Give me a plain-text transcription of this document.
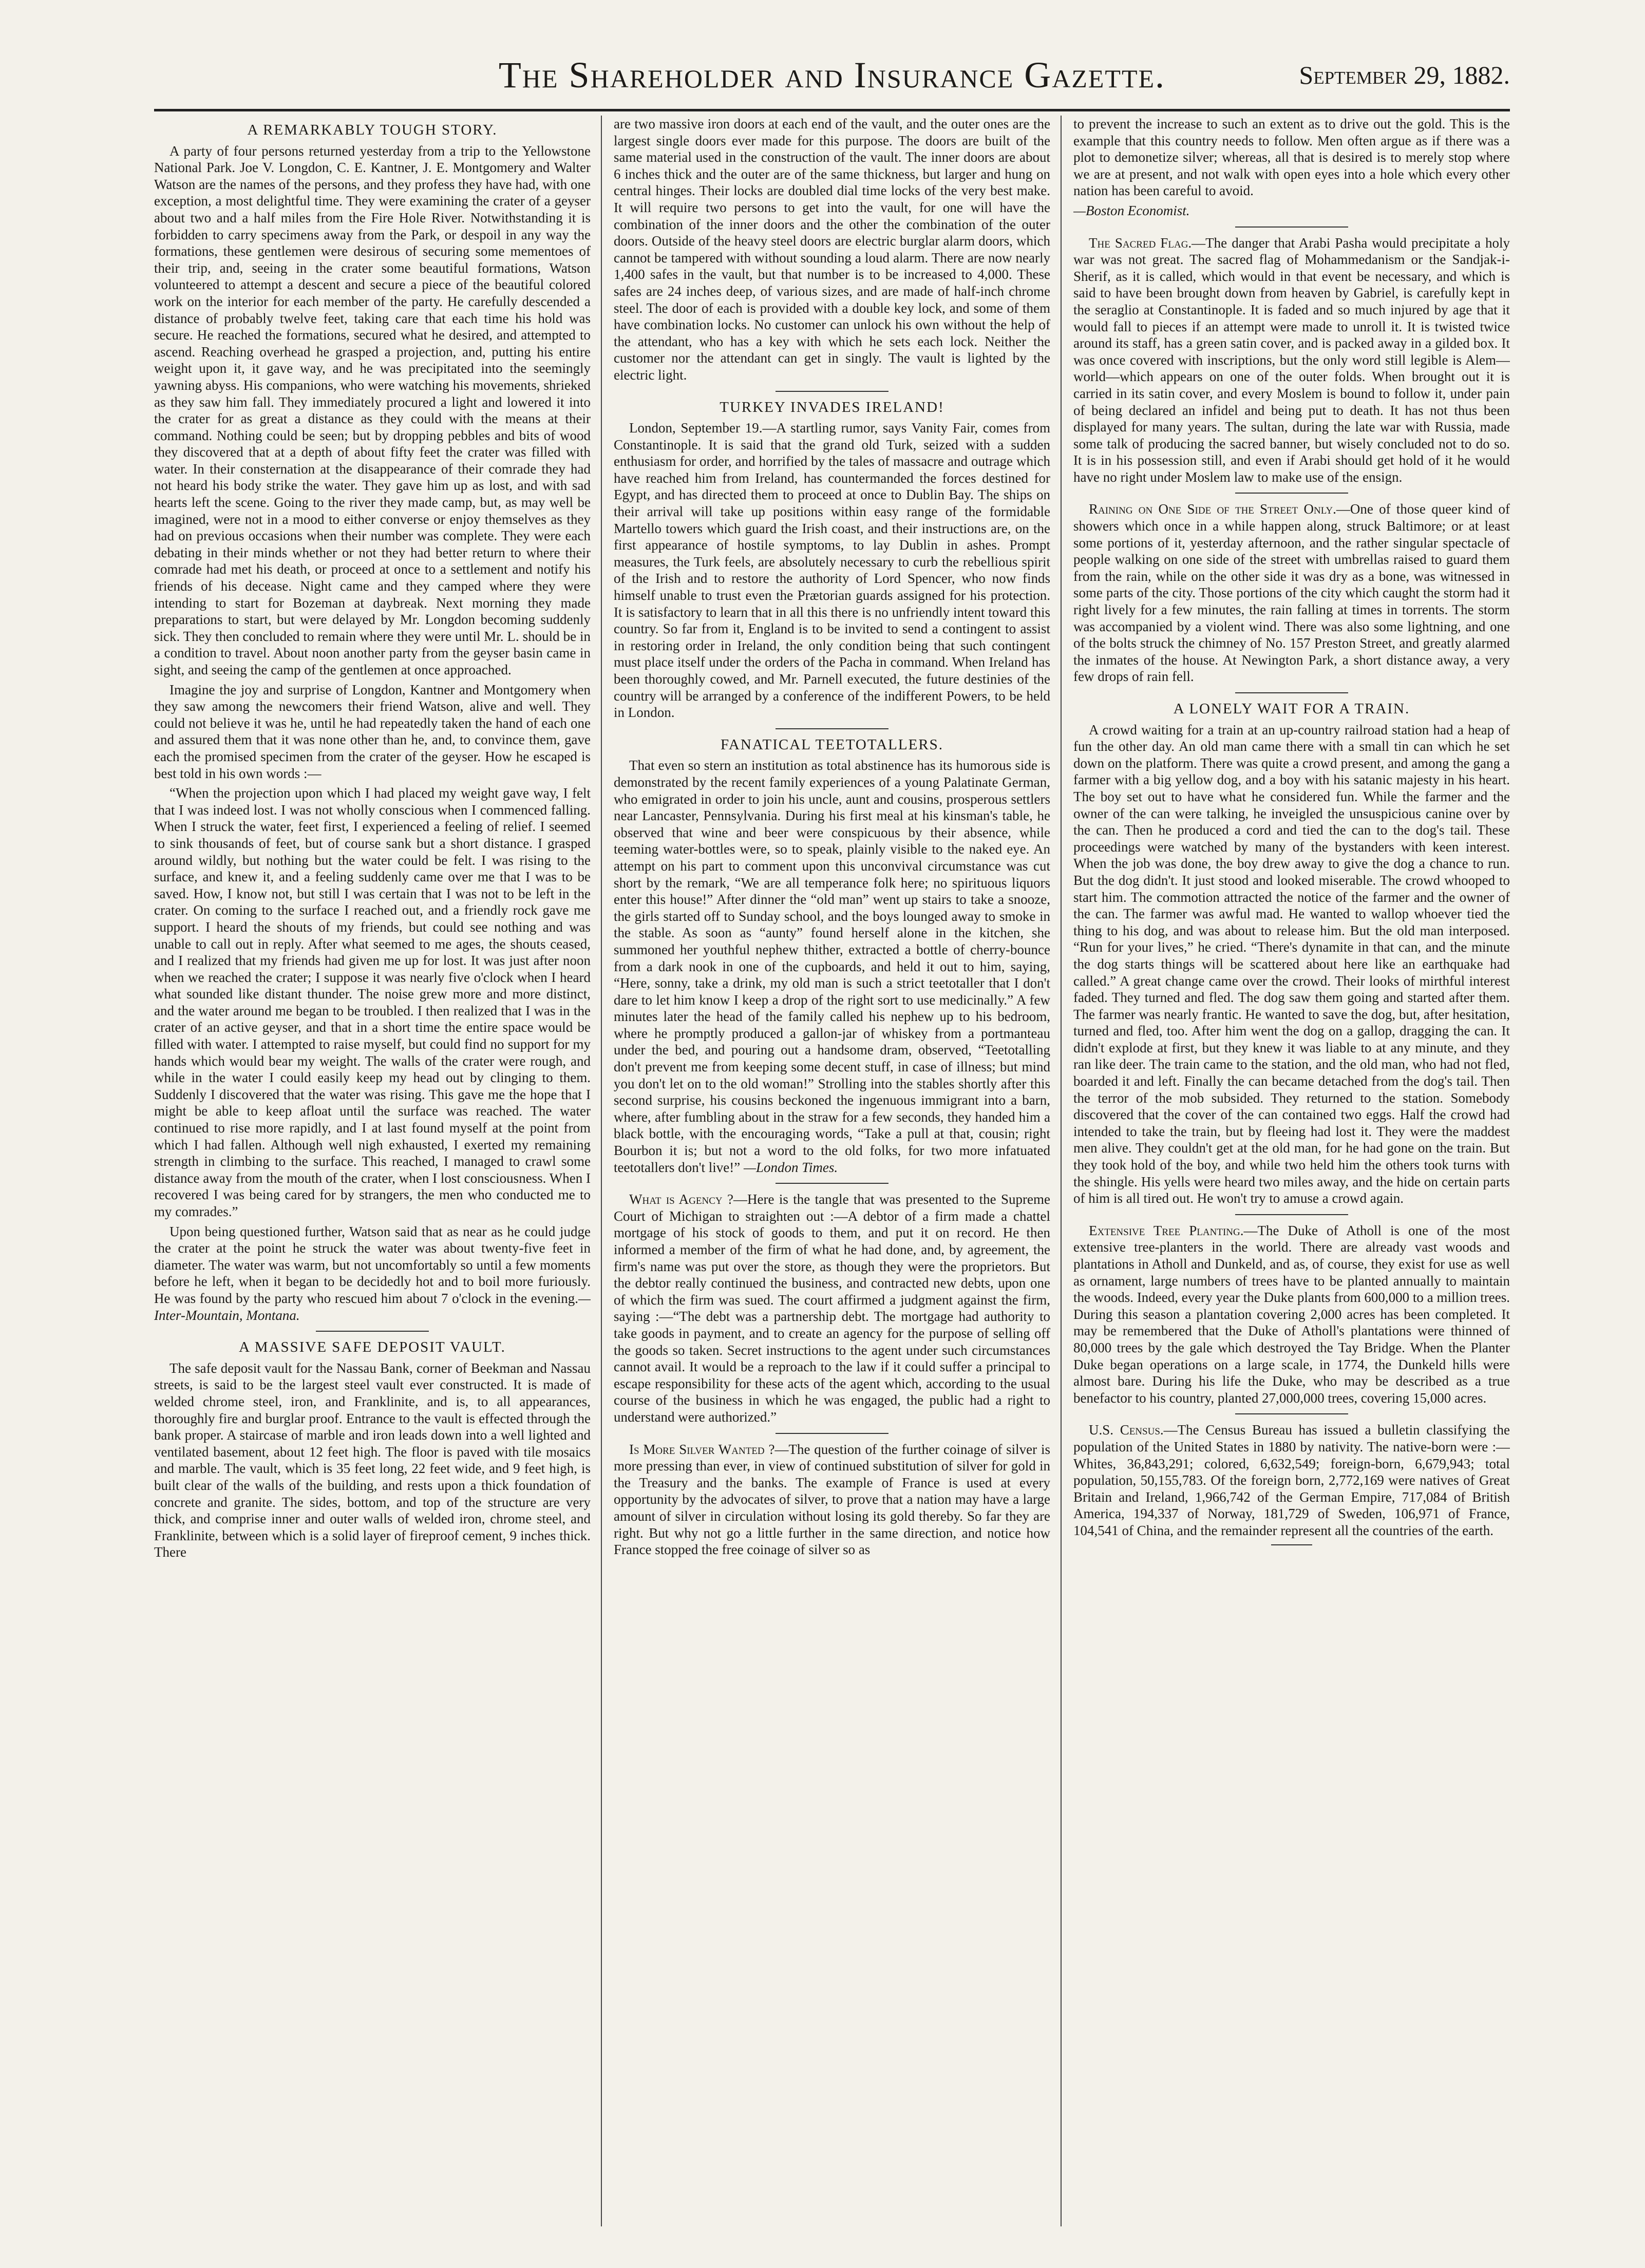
The Shareholder and Insurance Gazette.	September 29, 1882.
A REMARKABLY TOUGH STORY.

A party of four persons returned yesterday from a trip to the Yellowstone National Park. Joe V. Longdon, C. E. Kantner, J. E. Montgomery and Walter Watson are the names of the persons, and they profess they have had, with one exception, a most delightful time. They were examining the crater of a geyser about two and a half miles from the Fire Hole River. Notwithstanding it is forbidden to carry specimens away from the Park, or despoil in any way the formations, these gentlemen were desirous of securing some mementoes of their trip, and, seeing in the crater some beautiful formations, Watson volunteered to attempt a descent and secure a piece of the beautiful colored work on the interior for each member of the party. He carefully descended a distance of probably twelve feet, taking care that each time his hold was secure. He reached the formations, secured what he desired, and attempted to ascend. Reaching overhead he grasped a projection, and, putting his entire weight upon it, it gave way, and he was precipitated into the seemingly yawning abyss. His companions, who were watching his movements, shrieked as they saw him fall. They immediately procured a light and lowered it into the crater for as great a distance as they could with the means at their command. Nothing could be seen; but by dropping pebbles and bits of wood they discovered that at a depth of about fifty feet the crater was filled with water. In their consternation at the disappearance of their comrade they had not heard his body strike the water. They gave him up as lost, and with sad hearts left the scene. Going to the river they made camp, but, as may well be imagined, were not in a mood to either converse or enjoy themselves as they had on previous occasions when their number was complete. They were each debating in their minds whether or not they had better return to where their comrade had met his death, or proceed at once to a settlement and notify his friends of his decease. Night came and they camped where they were intending to start for Bozeman at daybreak. Next morning they made preparations to start, but were delayed by Mr. Longdon becoming suddenly sick. They then concluded to remain where they were until Mr. L. should be in a condition to travel. About noon another party from the geyser basin came in sight, and seeing the camp of the gentlemen at once approached.

Imagine the joy and surprise of Longdon, Kantner and Montgomery when they saw among the newcomers their friend Watson, alive and well. They could not believe it was he, until he had repeatedly taken the hand of each one and assured them that it was none other than he, and, to convince them, gave each the promised specimen from the crater of the geyser. How he escaped is best told in his own words :—

“When the projection upon which I had placed my weight gave way, I felt that I was indeed lost. I was not wholly conscious when I commenced falling. When I struck the water, feet first, I experienced a feeling of relief. I seemed to sink thousands of feet, but of course sank but a short distance. I grasped around wildly, but nothing but the water could be felt. I was rising to the surface, and knew it, and a feeling suddenly came over me that I was to be saved. How, I know not, but still I was certain that I was not to be left in the crater. On coming to the surface I reached out, and a friendly rock gave me support. I heard the shouts of my friends, but could see nothing and was unable to call out in reply. After what seemed to me ages, the shouts ceased, and I realized that my friends had given me up for lost. It was just after noon when we reached the crater; I suppose it was nearly five o'clock when I heard what sounded like distant thunder. The noise grew more and more distinct, and the water around me began to be troubled. I then realized that I was in the crater of an active geyser, and that in a short time the entire space would be filled with water. I attempted to raise myself, but could find no support for my hands which would bear my weight. The walls of the crater were rough, and while in the water I could easily keep my head out by clinging to them. Suddenly I discovered that the water was rising. This gave me the hope that I might be able to keep afloat until the surface was reached. The water continued to rise more rapidly, and I at last found myself at the point from which I had fallen. Although well nigh exhausted, I exerted my remaining strength in climbing to the surface. This reached, I managed to crawl some distance away from the mouth of the crater, when I lost consciousness. When I recovered I was being cared for by strangers, the men who conducted me to my comrades.”

Upon being questioned further, Watson said that as near as he could judge the crater at the point he struck the water was about twenty-five feet in diameter. The water was warm, but not uncomfortably so until a few moments before he left, when it began to be decidedly hot and to boil more furiously. He was found by the party who rescued him about 7 o'clock in the evening.—Inter-Mountain, Montana.

A MASSIVE SAFE DEPOSIT VAULT.

The safe deposit vault for the Nassau Bank, corner of Beekman and Nassau streets, is said to be the largest steel vault ever constructed. It is made of welded chrome steel, iron, and Franklinite, and is, to all appearances, thoroughly fire and burglar proof. Entrance to the vault is effected through the bank proper. A staircase of marble and iron leads down into a well lighted and ventilated basement, about 12 feet high. The floor is paved with tile mosaics and marble. The vault, which is 35 feet long, 22 feet wide, and 9 feet high, is built clear of the walls of the building, and rests upon a thick foundation of concrete and granite. The sides, bottom, and top of the structure are very thick, and comprise inner and outer walls of welded iron, chrome steel, and Franklinite, between which is a solid layer of fireproof cement, 9 inches thick. There

are two massive iron doors at each end of the vault, and the outer ones are the largest single doors ever made for this purpose. The doors are built of the same material used in the construction of the vault. The inner doors are about 6 inches thick and the outer are of the same thickness, but larger and hung on central hinges. Their locks are doubled dial time locks of the very best make. It will require two persons to get into the vault, for one will have the combination of the inner doors and the other the combination of the outer doors. Outside of the heavy steel doors are electric burglar alarm doors, which cannot be tampered with without sounding a loud alarm. There are now nearly 1,400 safes in the vault, but that number is to be increased to 4,000. These safes are 24 inches deep, of various sizes, and are made of half-inch chrome steel. The door of each is provided with a double key lock, and some of them have combination locks. No customer can unlock his own without the help of the attendant, who has a key with which he sets each lock. Neither the customer nor the attendant can get in singly. The vault is lighted by the electric light.

TURKEY INVADES IRELAND!

London, September 19.—A startling rumor, says Vanity Fair, comes from Constantinople. It is said that the grand old Turk, seized with a sudden enthusiasm for order, and horrified by the tales of massacre and outrage which have reached him from Ireland, has countermanded the forces destined for Egypt, and has directed them to proceed at once to Dublin Bay. The ships on their arrival will take up positions within easy range of the formidable Martello towers which guard the Irish coast, and their instructions are, on the first appearance of hostile symptoms, to lay Dublin in ashes. Prompt measures, the Turk feels, are absolutely necessary to curb the rebellious spirit of the Irish and to restore the authority of Lord Spencer, who now finds himself unable to trust even the Prætorian guards assigned for his protection. It is satisfactory to learn that in all this there is no unfriendly intent toward this country. So far from it, England is to be invited to send a contingent to assist in restoring order in Ireland, the only condition being that such contingent must place itself under the orders of the Pacha in command. When Ireland has been thoroughly cowed, and Mr. Parnell executed, the future destinies of the country will be arranged by a conference of the indifferent Powers, to be held in London.

FANATICAL TEETOTALLERS.

That even so stern an institution as total abstinence has its humorous side is demonstrated by the recent family experiences of a young Palatinate German, who emigrated in order to join his uncle, aunt and cousins, prosperous settlers near Lancaster, Pennsylvania. During his first meal at his kinsman's table, he observed that wine and beer were conspicuous by their absence, while teeming water-bottles were, so to speak, plainly visible to the naked eye. An attempt on his part to comment upon this unconvival circumstance was cut short by the remark, “We are all temperance folk here; no spirituous liquors enter this house!” After dinner the “old man” went up stairs to take a snooze, the girls started off to Sunday school, and the boys lounged away to smoke in the stable. As soon as “aunty” found herself alone in the kitchen, she summoned her youthful nephew thither, extracted a bottle of cherry-bounce from a dark nook in one of the cupboards, and held it out to him, saying, “Here, sonny, take a drink, my old man is such a strict teetotaller that I don't dare to let him know I keep a drop of the right sort to use medicinally.” A few minutes later the head of the family called his nephew up to his bedroom, where he promptly produced a gallon-jar of whiskey from a portmanteau under the bed, and pouring out a handsome dram, observed, “Teetotalling don't prevent me from keeping some decent stuff, in case of illness; but mind you don't let on to the old woman!” Strolling into the stables shortly after this second surprise, his cousins beckoned the ingenuous immigrant into a barn, where, after fumbling about in the straw for a few seconds, they handed him a black bottle, with the encouraging words, “Take a pull at that, cousin; right Bourbon it is; but not a word to the old folks, for two more infatuated teetotallers don't live!” —London Times.

What is Agency ?—Here is the tangle that was presented to the Supreme Court of Michigan to straighten out :—A debtor of a firm made a chattel mortgage of his stock of goods to them, and put it on record. He then informed a member of the firm of what he had done, and, by agreement, the firm's name was put over the store, as though they were the proprietors. But the debtor really continued the business, and contracted new debts, upon one of which the firm was sued. The court affirmed a judgment against the firm, saying :—“The debt was a partnership debt. The mortgage had authority to take goods in payment, and to create an agency for the purpose of selling off the goods so taken. Secret instructions to the agent under such circumstances cannot avail. It would be a reproach to the law if it could suffer a principal to escape responsibility for these acts of the agent which, according to the usual course of the business in which he was engaged, the public had a right to understand were authorized.”

Is More Silver Wanted ?—The question of the further coinage of silver is more pressing than ever, in view of continued substitution of silver for gold in the Treasury and the banks. The example of France is used at every opportunity by the advocates of silver, to prove that a nation may have a large amount of silver in circulation without losing its gold thereby. So far they are right. But why not go a little further in the same direction, and notice how France stopped the free coinage of silver so as

to prevent the increase to such an extent as to drive out the gold. This is the example that this country needs to follow. Men often argue as if there was a plot to demonetize silver; whereas, all that is desired is to merely stop where we are at present, and not walk with open eyes into a hole which every other nation has been careful to avoid.

—Boston Economist.

The Sacred Flag.—The danger that Arabi Pasha would precipitate a holy war was not great. The sacred flag of Mohammedanism or the Sandjak-i-Sherif, as it is called, which would in that event be necessary, and which is said to have been brought down from heaven by Gabriel, is carefully kept in the seraglio at Constantinople. It is faded and so much injured by age that it would fall to pieces if an attempt were made to unroll it. It is twisted twice around its staff, has a green satin cover, and is packed away in a gilded box. It was once covered with inscriptions, but the only word still legible is Alem—world—which appears on one of the outer folds. When brought out it is carried in its satin cover, and every Moslem is bound to follow it, under pain of being declared an infidel and being put to death. It has not thus been displayed for many years. The sultan, during the late war with Russia, made some talk of producing the sacred banner, but wisely concluded not to do so. It is in his possession still, and even if Arabi should get hold of it he would have no right under Moslem law to make use of the ensign.

Raining on One Side of the Street Only.—One of those queer kind of showers which once in a while happen along, struck Baltimore; or at least some portions of it, yesterday afternoon, and the rather singular spectacle of people walking on one side of the street with umbrellas raised to guard them from the rain, while on the other side it was dry as a bone, was witnessed in some parts of the city. Those portions of the city which caught the storm had it right lively for a few minutes, the rain falling at times in torrents. The storm was accompanied by a violent wind. There was also some lightning, and one of the bolts struck the chimney of No. 157 Preston Street, and greatly alarmed the inmates of the house. At Newington Park, a short distance away, a very few drops of rain fell.

A LONELY WAIT FOR A TRAIN.

A crowd waiting for a train at an up-country railroad station had a heap of fun the other day. An old man came there with a small tin can which he set down on the platform. There was quite a crowd present, and among the gang a farmer with a big yellow dog, and a boy with his satanic majesty in his heart. The boy set out to have what he considered fun. While the farmer and the owner of the can were talking, he inveigled the unsuspicious canine over by the can. Then he produced a cord and tied the can to the dog's tail. These proceedings were watched by many of the bystanders with keen interest. When the job was done, the boy drew away to give the dog a chance to run. But the dog didn't. It just stood and looked miserable. The crowd whooped to start him. The commotion attracted the notice of the farmer and the owner of the can. The farmer was awful mad. He wanted to wallop whoever tied the thing to his dog, and was about to release him. But the old man interposed. “Run for your lives,” he cried. “There's dynamite in that can, and the minute the dog starts things will be scattered about here like an earthquake had called.” A great change came over the crowd. Their looks of mirthful interest faded. They turned and fled. The dog saw them going and started after them. The farmer was nearly frantic. He wanted to save the dog, but, after hesitation, turned and fled, too. After him went the dog on a gallop, dragging the can. It didn't explode at first, but they knew it was liable to at any minute, and they ran like deer. The train came to the station, and the old man, who had not fled, boarded it and left. Finally the can became detached from the dog's tail. Then the terror of the mob subsided. They returned to the station. Somebody discovered that the cover of the can contained two eggs. Half the crowd had intended to take the train, but by fleeing had lost it. They were the maddest men alive. They couldn't get at the old man, for he had gone on the train. But they took hold of the boy, and while two held him the others took turns with the shingle. His yells were heard two miles away, and the hide on certain parts of him is all tired out. He won't try to amuse a crowd again.

Extensive Tree Planting.—The Duke of Atholl is one of the most extensive tree-planters in the world. There are already vast woods and plantations in Atholl and Dunkeld, and as, of course, they exist for use as well as ornament, large numbers of trees have to be planted annually to maintain the woods. Indeed, every year the Duke plants from 600,000 to a million trees. During this season a plantation covering 2,000 acres has been completed. It may be remembered that the Duke of Atholl's plantations were thinned of 80,000 trees by the gale which destroyed the Tay Bridge. When the Planter Duke began operations on a large scale, in 1774, the Dunkeld hills were almost bare. During his life the Duke, who may be described as a true benefactor to his country, planted 27,000,000 trees, covering 15,000 acres.

U.S. Census.—The Census Bureau has issued a bulletin classifying the population of the United States in 1880 by nativity. The native-born were :—Whites, 36,843,291; colored, 6,632,549; foreign-born, 6,679,943; total population, 50,155,783. Of the foreign born, 2,772,169 were natives of Great Britain and Ireland, 1,966,742 of the German Empire, 717,084 of British America, 194,337 of Norway, 181,729 of Sweden, 106,971 of France, 104,541 of China, and the remainder represent all the countries of the earth.
